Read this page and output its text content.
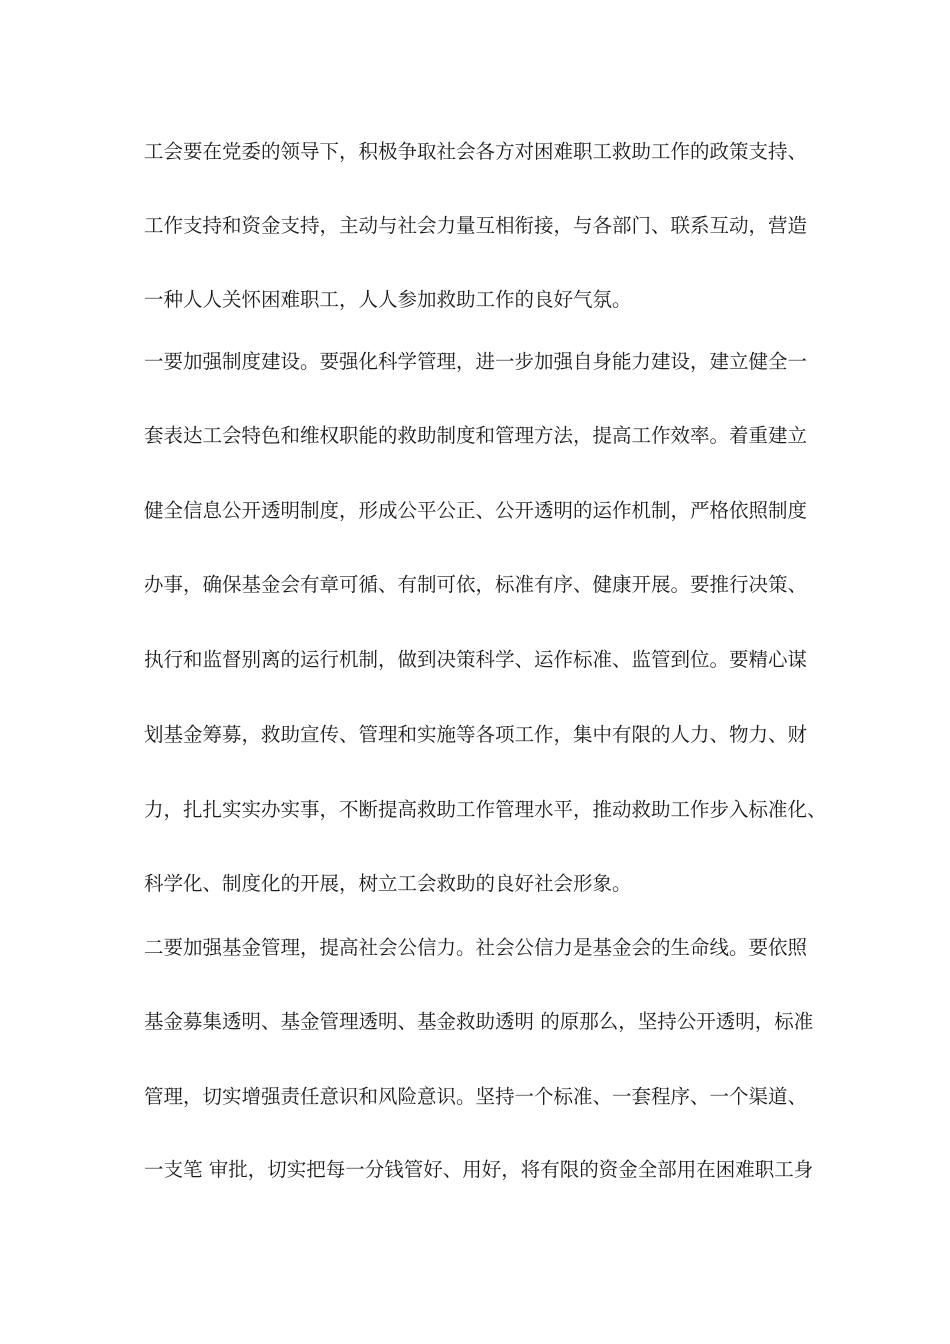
工会要在党委的领导下，积极争取社会各方对困难职工救助工作的政策支持、
工作支持和资金支持，主动与社会力量互相衔接，与各部门、联系互动，营造
一种人人关怀困难职工，人人参加救助工作的良好气氛。
一要加强制度建设。要强化科学管理，进一步加强自身能力建设，建立健全一
套表达工会特色和维权职能的救助制度和管理方法，提高工作效率。着重建立
健全信息公开透明制度，形成公平公正、公开透明的运作机制，严格依照制度
办事，确保基金会有章可循、有制可依，标准有序、健康开展。要推行决策、
执行和监督别离的运行机制，做到决策科学、运作标准、监管到位。要精心谋
划基金筹募，救助宣传、管理和实施等各项工作，集中有限的人力、物力、财
力，扎扎实实办实事，不断提高救助工作管理水平，推动救助工作步入标准化、
科学化、制度化的开展，树立工会救助的良好社会形象。
二要加强基金管理，提高社会公信力。社会公信力是基金会的生命线。要依照
基金募集透明、基金管理透明、基金救助透明 的原那么，坚持公开透明，标准
管理，切实增强责任意识和风险意识。坚持一个标准、一套程序、一个渠道、
一支笔 审批，切实把每一分钱管好、用好，将有限的资金全部用在困难职工身
